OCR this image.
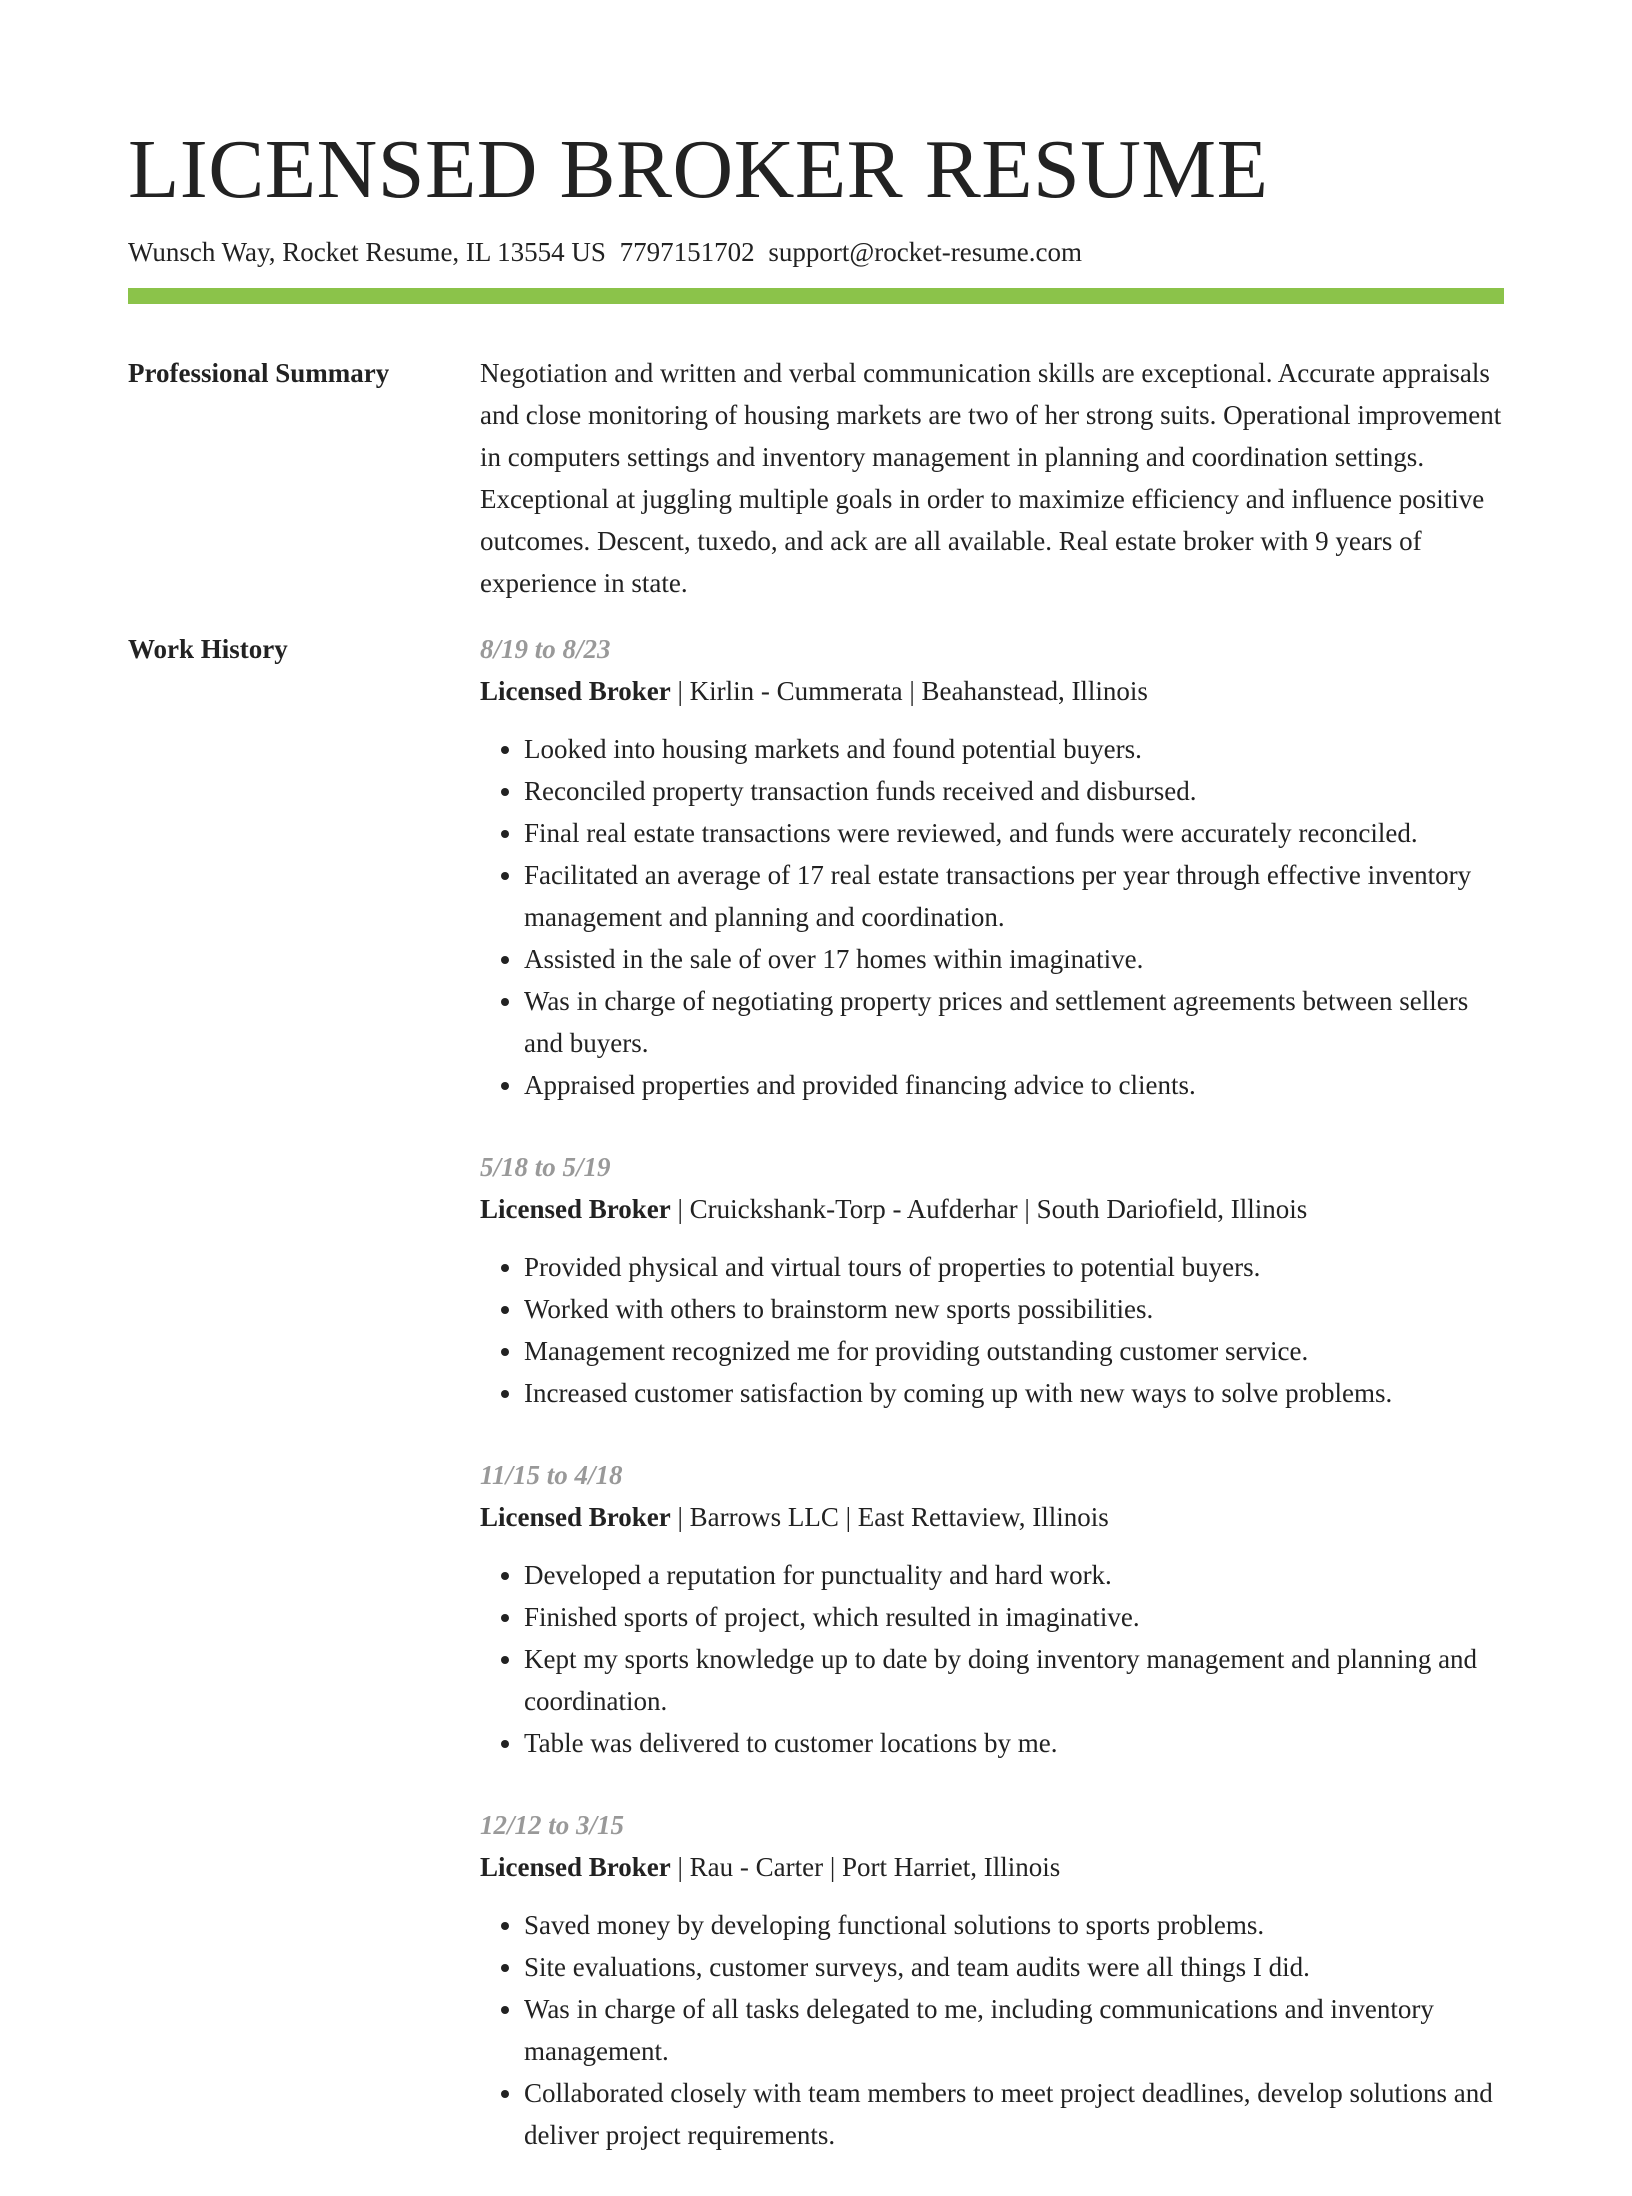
LICENSED BROKER RESUME
Wunsch Way, Rocket Resume, IL 13554 US 7797151702 support@rocket-resume.com
Professional Summary	Negotiation and written and verbal communication skills are exceptional. Accurate appraisals and close monitoring of housing markets are two of her strong suits. Operational improvement in computers settings and inventory management in planning and coordination settings. Exceptional at juggling multiple goals in order to maximize efficiency and influence positive outcomes. Descent, tuxedo, and ack are all available. Real estate broker with 9 years of experience in state.

Work History	8/19 to 8/23
Licensed Broker | Kirlin - Cummerata | Beahanstead, Illinois
• Looked into housing markets and found potential buyers.
• Reconciled property transaction funds received and disbursed.
• Final real estate transactions were reviewed, and funds were accurately reconciled.
• Facilitated an average of 17 real estate transactions per year through effective inventory management and planning and coordination.
• Assisted in the sale of over 17 homes within imaginative.
• Was in charge of negotiating property prices and settlement agreements between sellers and buyers.
• Appraised properties and provided financing advice to clients.
5/18 to 5/19
Licensed Broker | Cruickshank-Torp - Aufderhar | South Dariofield, Illinois
• Provided physical and virtual tours of properties to potential buyers.
• Worked with others to brainstorm new sports possibilities.
• Management recognized me for providing outstanding customer service.
• Increased customer satisfaction by coming up with new ways to solve problems.
11/15 to 4/18
Licensed Broker | Barrows LLC | East Rettaview, Illinois
• Developed a reputation for punctuality and hard work.
• Finished sports of project, which resulted in imaginative.
• Kept my sports knowledge up to date by doing inventory management and planning and coordination.
• Table was delivered to customer locations by me.
12/12 to 3/15
Licensed Broker | Rau - Carter | Port Harriet, Illinois
• Saved money by developing functional solutions to sports problems.
• Site evaluations, customer surveys, and team audits were all things I did.
• Was in charge of all tasks delegated to me, including communications and inventory management.
• Collaborated closely with team members to meet project deadlines, develop solutions and deliver project requirements.
